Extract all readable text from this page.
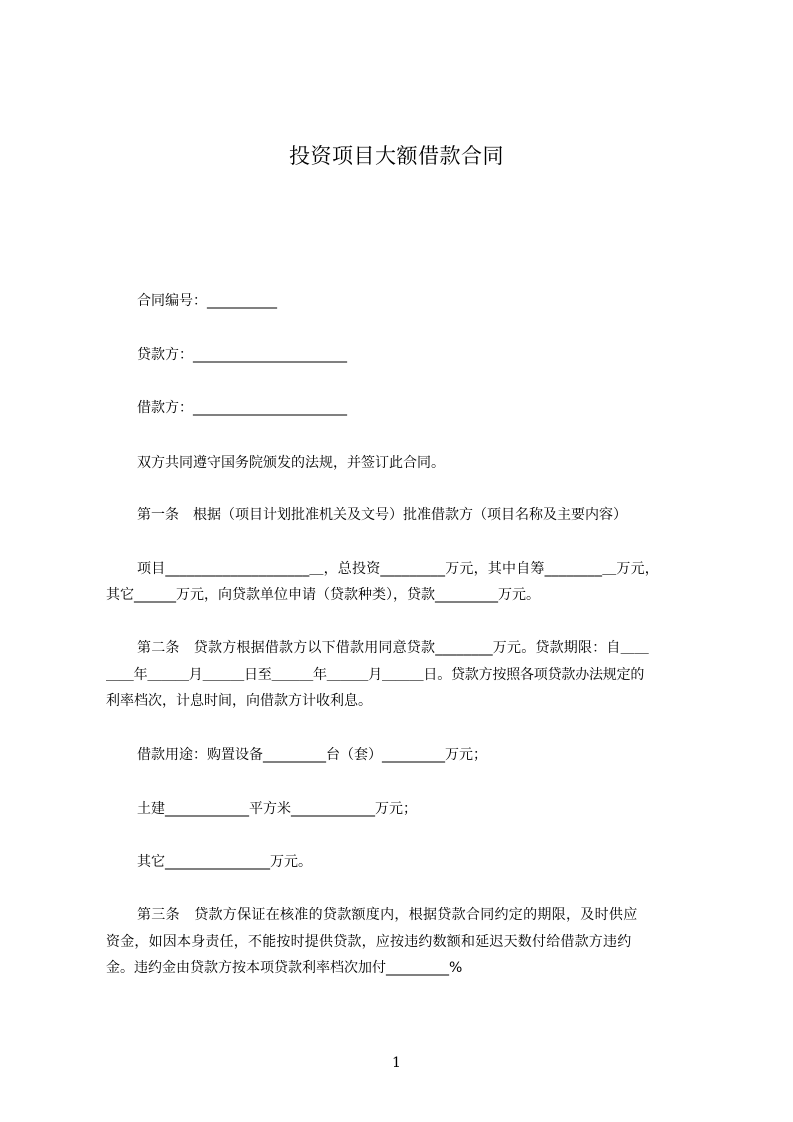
投资项目大额借款合同

合同编号：__________

贷款方：______________________

借款方：______________________

双方共同遵守国务院颁发的法规，并签订此合同。

第一条　根据（项目计划批准机关及文号）批准借款方（项目名称及主要内容）

项目____________________＿，总投资_________万元，其中自筹________＿万元，

其它______万元，向贷款单位申请（贷款种类），贷款_________万元。

第二条　贷款方根据借款方以下借款用同意贷款________万元。贷款期限：自＿＿

＿＿年＿＿＿月＿＿＿日至＿＿＿年＿＿＿月＿＿＿日。贷款方按照各项贷款办法规定的

利率档次，计息时间，向借款方计收利息。

借款用途：购置设备_________台（套）_________万元；

土建____________平方米____________万元；

其它_______________万元。

第三条　贷款方保证在核准的贷款额度内，根据贷款合同约定的期限，及时供应

资金，如因本身责任，不能按时提供贷款，应按违约数额和延迟天数付给借款方违约

金。违约金由贷款方按本项贷款利率档次加付_________%

1
